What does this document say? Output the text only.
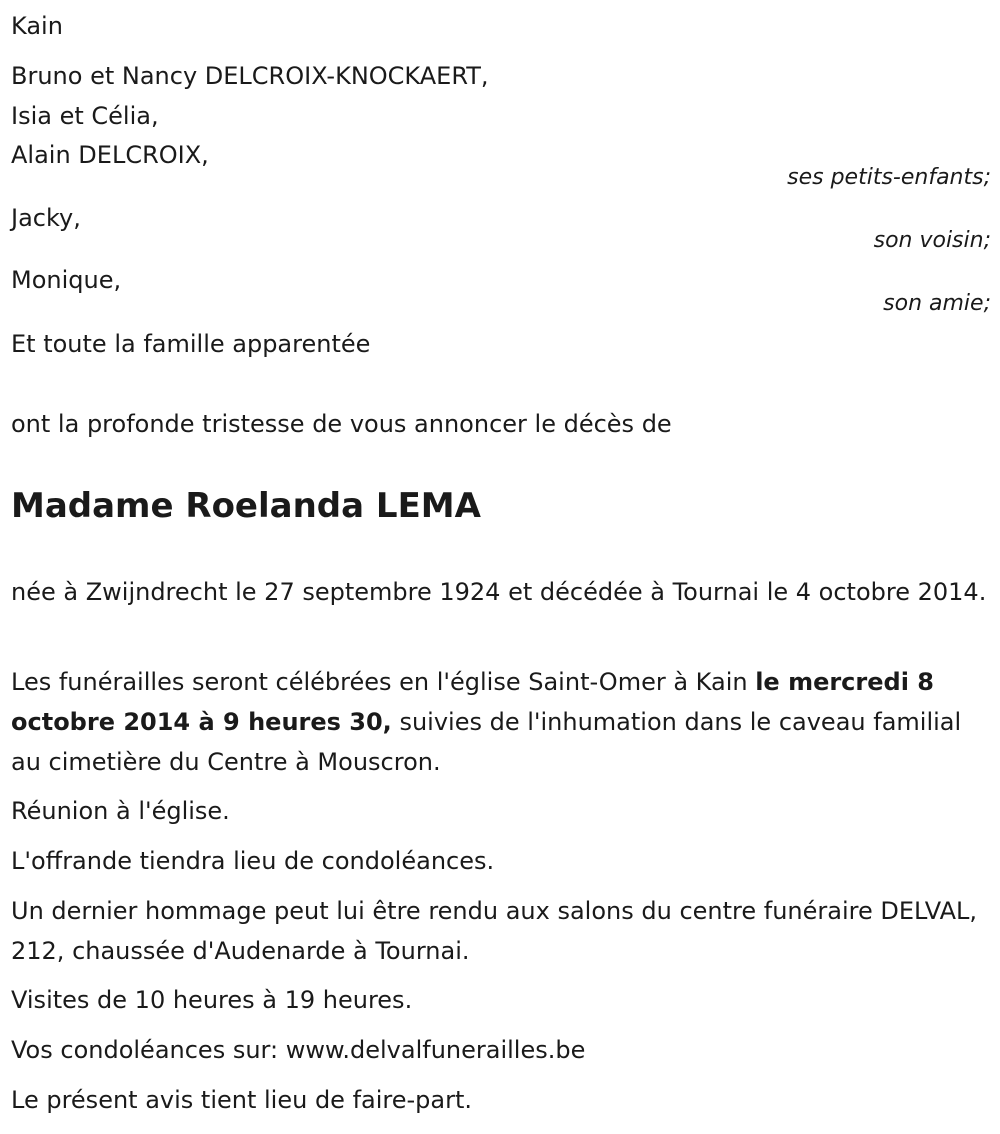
Kain
Bruno et Nancy DELCROIX-KNOCKAERT,
Isia et Célia,
Alain DELCROIX,
ses petits-enfants;
Jacky,
son voisin;
Monique,
son amie;
Et toute la famille apparentée
ont la profonde tristesse de vous annoncer le décès de
Madame Roelanda LEMA
née à Zwijndrecht le 27 septembre 1924 et décédée à Tournai le 4 octobre 2014.
Les funérailles seront célébrées en l'église Saint-Omer à Kain le mercredi 8 octobre 2014 à 9 heures 30, suivies de l'inhumation dans le caveau familial au cimetière du Centre à Mouscron.
Réunion à l'église.
L'offrande tiendra lieu de condoléances.
Un dernier hommage peut lui être rendu aux salons du centre funéraire DELVAL, 212, chaussée d'Audenarde à Tournai.
Visites de 10 heures à 19 heures.
Vos condoléances sur: www.delvalfunerailles.be
Le présent avis tient lieu de faire-part.
